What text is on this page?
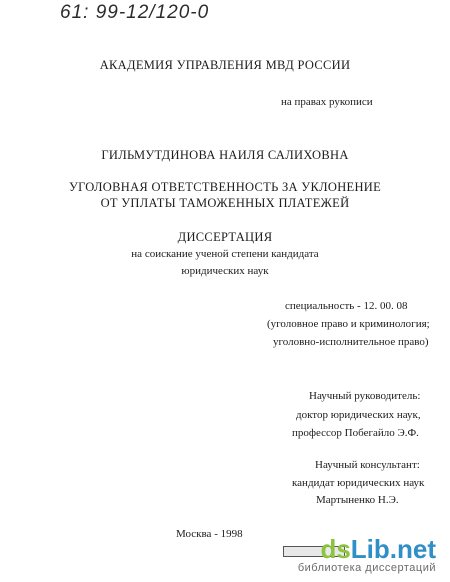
61: 99-12/120-0
АКАДЕМИЯ УПРАВЛЕНИЯ МВД РОССИИ
на правах рукописи
ГИЛЬМУТДИНОВА НАИЛЯ САЛИХОВНА
УГОЛОВНАЯ ОТВЕТСТВЕННОСТЬ ЗА УКЛОНЕНИЕ
ОТ УПЛАТЫ ТАМОЖЕННЫХ ПЛАТЕЖЕЙ
ДИССЕРТАЦИЯ
на соискание ученой степени кандидата
юридических наук
специальность - 12. 00. 08
(уголовное право и криминология;
уголовно-исполнительное право)
Научный руководитель:
доктор юридических наук,
профессор Побегайло Э.Ф.
Научный консультант:
кандидат юридических наук
Мартыненко Н.Э.
Москва - 1998	dsLib.net
библиотека диссертаций
